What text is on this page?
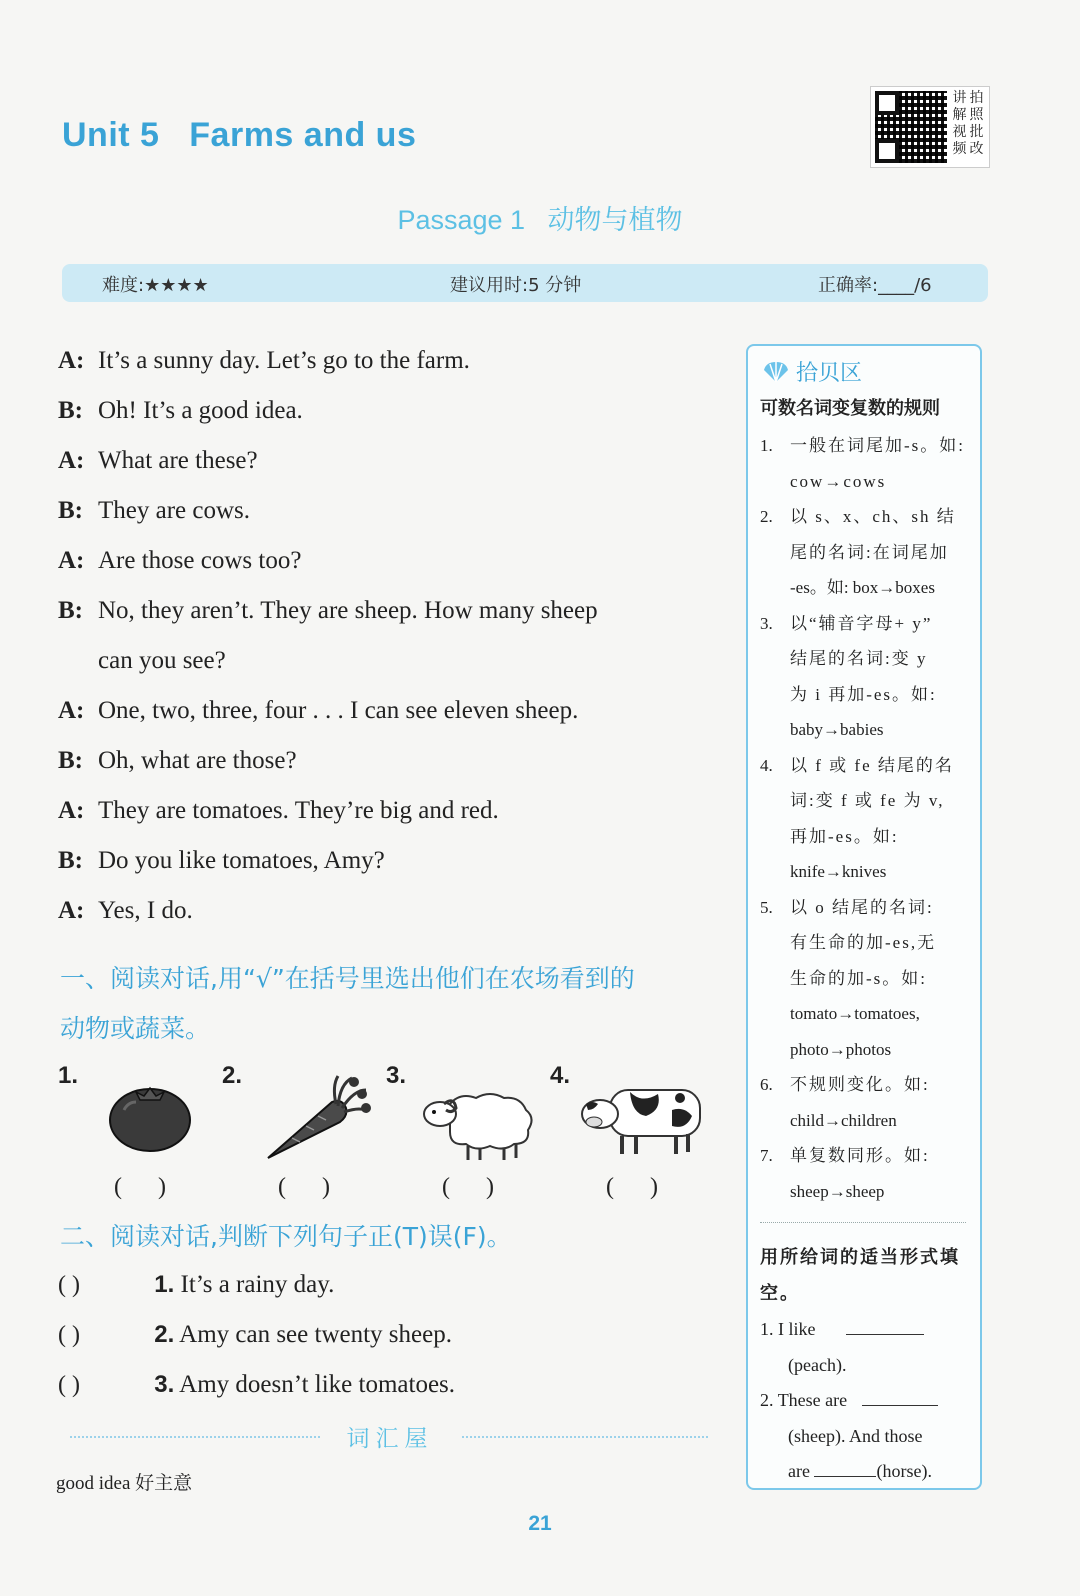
Unit 5   Farms and us
讲 拍
解 照
视 批
频 改
Passage 1   动物与植物
难度:★★★★	建议用时:5 分钟	正确率:____/6
A: It’s a sunny day. Let’s go to the farm.
B: Oh! It’s a good idea.
A: What are these?
B: They are cows.
A: Are those cows too?
B: No, they aren’t. They are sheep. How many sheep
can you see?
A: One, two, three, four . . . I can see eleven sheep.
B: Oh, what are those?
A: They are tomatoes. They’re big and red.
B: Do you like tomatoes, Amy?
A: Yes, I do.
一、阅读对话,用“√”在括号里选出他们在农场看到的
动物或蔬菜。
1.
(      )
2.
(      )
3.
(      )
4.
(      )
二、阅读对话,判断下列句子正(T)误(F)。
( )	1. It’s a rainy day.
( )	2. Amy can see twenty sheep.
( )	3. Amy doesn’t like tomatoes.
词汇屋
good idea 好主意
21
拾贝区
可数名词变复数的规则
1.	一般在词尾加-s。如:
cow→cows
2.	以 s、x、ch、sh 结
尾的名词:在词尾加
-es。如: box→boxes
3.	以“辅音字母+ y”
结尾的名词:变 y
为 i 再加-es。如:
baby→babies
4.	以 f 或 fe 结尾的名
词:变 f 或 fe 为 v,
再加-es。如:
knife→knives
5.	以 o 结尾的名词:
有生命的加-es,无
生命的加-s。如:
tomato→tomatoes,
photo→photos
6.	不规则变化。如:
child→children
7.	单复数同形。如:
sheep→sheep
用所给词的适当形式填空。
1. I like
(peach).
2. These are
(sheep). And those
are	(horse).
